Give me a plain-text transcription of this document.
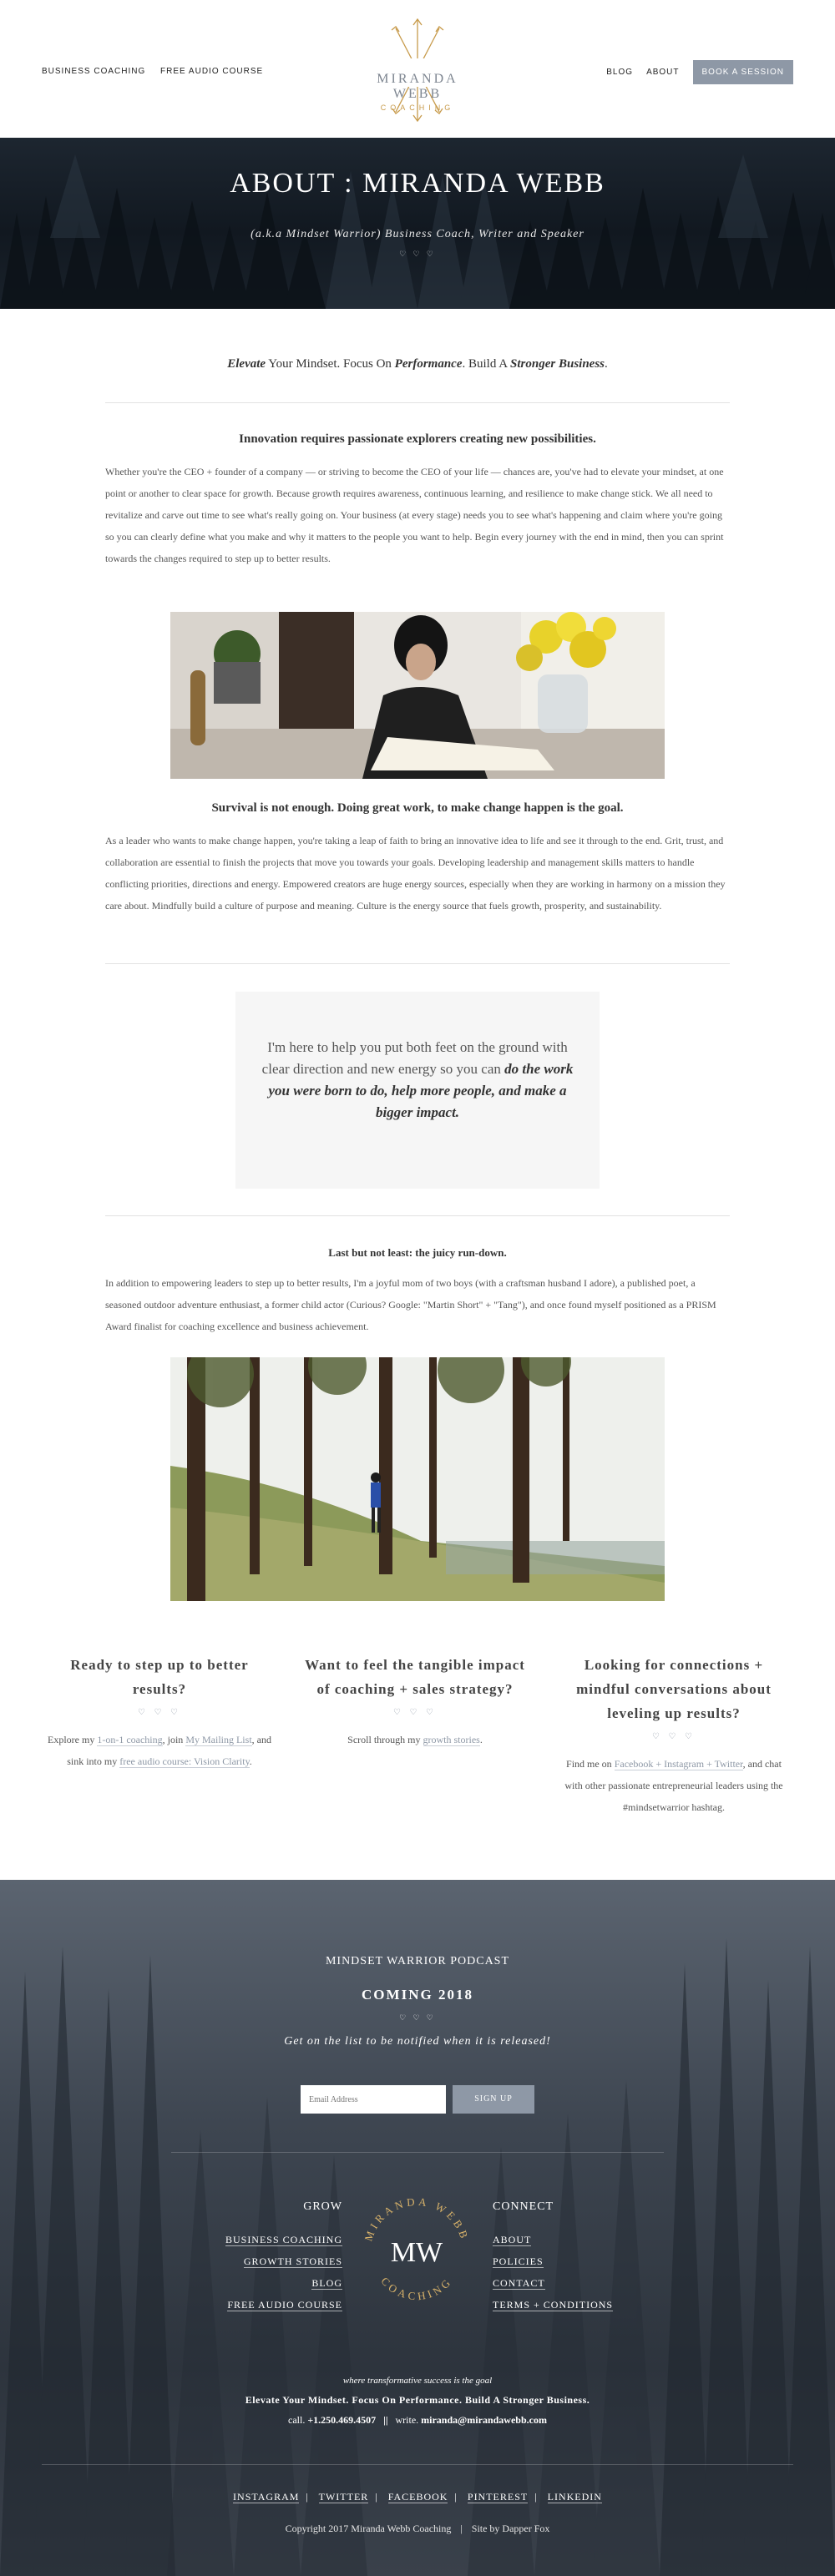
BUSINESS COACHING FREE AUDIO COURSE
MIRANDA WEBB
COACHING
BLOG ABOUT	BOOK A SESSION
ABOUT : MIRANDA WEBB
(a.k.a Mindset Warrior) Business Coach, Writer and Speaker
♡ ♡ ♡
Elevate Your Mindset. Focus On Performance. Build A Stronger Business.
Innovation requires passionate explorers creating new possibilities.
Whether you're the CEO + founder of a company — or striving to become the CEO of your life — chances are, you've had to elevate your mindset, at one point or another to clear space for growth. Because growth requires awareness, continuous learning, and resilience to make change stick. We all need to revitalize and carve out time to see what's really going on. Your business (at every stage) needs you to see what's happening and claim where you're going so you can clearly define what you make and why it matters to the people you want to help. Begin every journey with the end in mind, then you can sprint towards the changes required to step up to better results.
Survival is not enough. Doing great work, to make change happen is the goal.
As a leader who wants to make change happen, you're taking a leap of faith to bring an innovative idea to life and see it through to the end. Grit, trust, and collaboration are essential to finish the projects that move you towards your goals. Developing leadership and management skills matters to handle conflicting priorities, directions and energy. Empowered creators are huge energy sources, especially when they are working in harmony on a mission they care about. Mindfully build a culture of purpose and meaning. Culture is the energy source that fuels growth, prosperity, and sustainability.
I'm here to help you put both feet on the ground with clear direction and new energy so you can do the work you were born to do, help more people, and make a bigger impact.
Last but not least: the juicy run-down.
In addition to empowering leaders to step up to better results, I'm a joyful mom of two boys (with a craftsman husband I adore), a published poet, a seasoned outdoor adventure enthusiast, a former child actor (Curious? Google: "Martin Short" + "Tang"), and once found myself positioned as a PRISM Award finalist for coaching excellence and business achievement.
Ready to step up to better results?
♡ ♡ ♡

Explore my 1-on-1 coaching, join My Mailing List, and sink into my free audio course: Vision Clarity.

Want to feel the tangible impact of coaching + sales strategy?
♡ ♡ ♡

Scroll through my growth stories.

Looking for connections + mindful conversations about leveling up results?
♡ ♡ ♡

Find me on Facebook + Instagram + Twitter, and chat with other passionate entrepreneurial leaders using the #mindsetwarrior hashtag.

MINDSET WARRIOR PODCAST
COMING 2018
♡ ♡ ♡
Get on the list to be notified when it is released!
Email Address
SIGN UP
GROW
BUSINESS COACHING
GROWTH STORIES
BLOG
FREE AUDIO COURSE
MIRANDA WEBB
COACHING
MW
CONNECT
ABOUT
POLICIES
CONTACT
TERMS + CONDITIONS
where transformative success is the goal
Elevate Your Mindset. Focus On Performance. Build A Stronger Business.
call. +1.250.469.4507 || write. miranda@mirandawebb.com
INSTAGRAM | TWITTER | FACEBOOK | PINTEREST | LINKEDIN
Copyright 2017 Miranda Webb Coaching | Site by Dapper Fox
